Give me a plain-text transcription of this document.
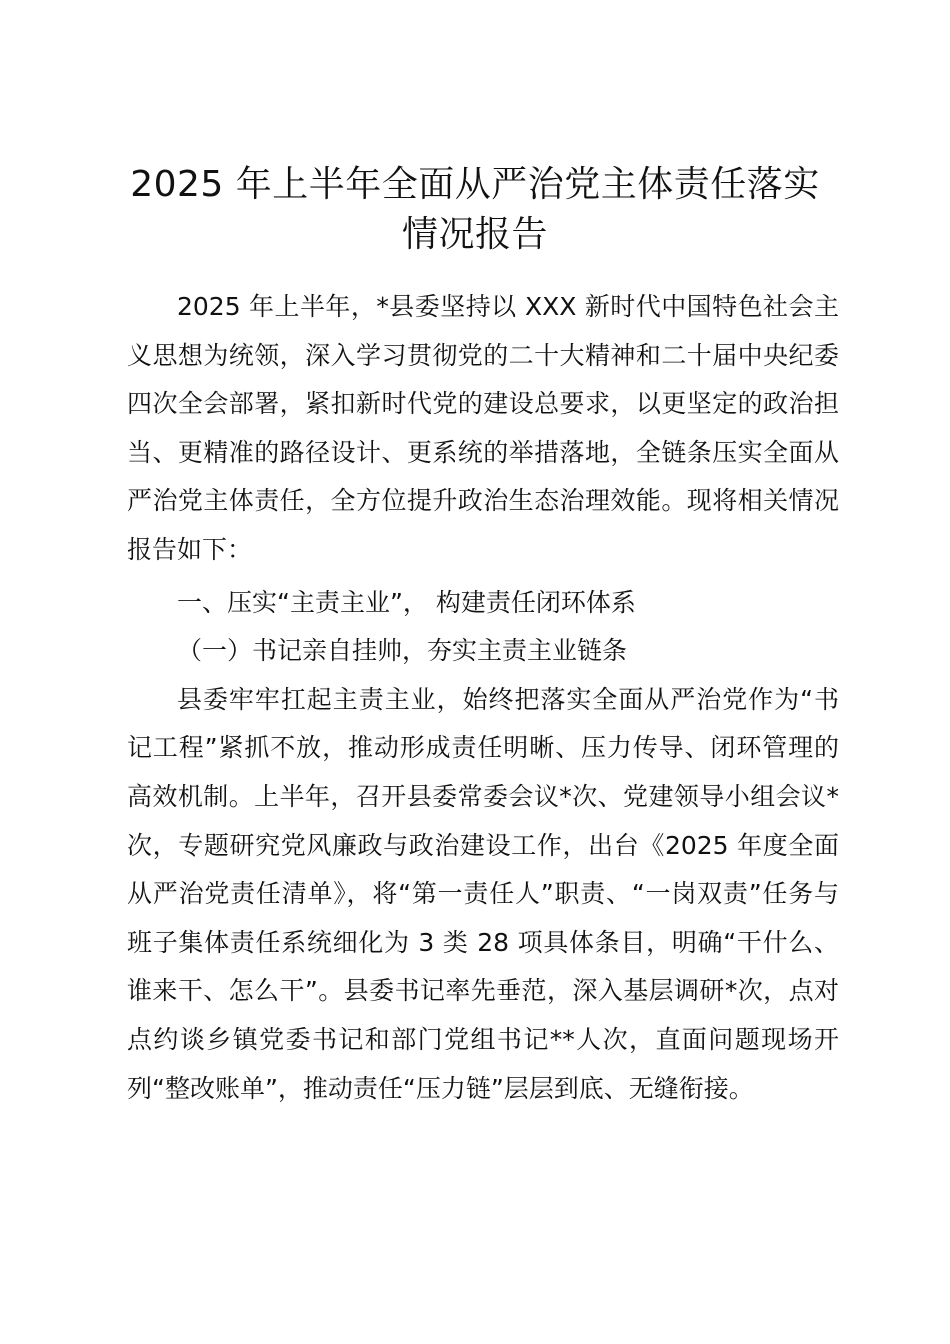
2025 年上半年全面从严治党主体责任落实情况报告

2025 年上半年，*县委坚持以 XXX 新时代中国特色社会主义思想为统领，深入学习贯彻党的二十大精神和二十届中央纪委四次全会部署，紧扣新时代党的建设总要求，以更坚定的政治担当、更精准的路径设计、更系统的举措落地，全链条压实全面从严治党主体责任，全方位提升政治生态治理效能。现将相关情况报告如下：

一、压实“主责主业”， 构建责任闭环体系

（一）书记亲自挂帅，夯实主责主业链条

县委牢牢扛起主责主业，始终把落实全面从严治党作为“书记工程”紧抓不放，推动形成责任明晰、压力传导、闭环管理的高效机制。上半年，召开县委常委会议*次、党建领导小组会议*次，专题研究党风廉政与政治建设工作，出台《2025 年度全面从严治党责任清单》，将“第一责任人”职责、“一岗双责”任务与班子集体责任系统细化为 3 类 28 项具体条目，明确“干什么、谁来干、怎么干”。县委书记率先垂范，深入基层调研*次，点对点约谈乡镇党委书记和部门党组书记**人次，直面问题现场开列“整改账单”，推动责任“压力链”层层到底、无缝衔接。
